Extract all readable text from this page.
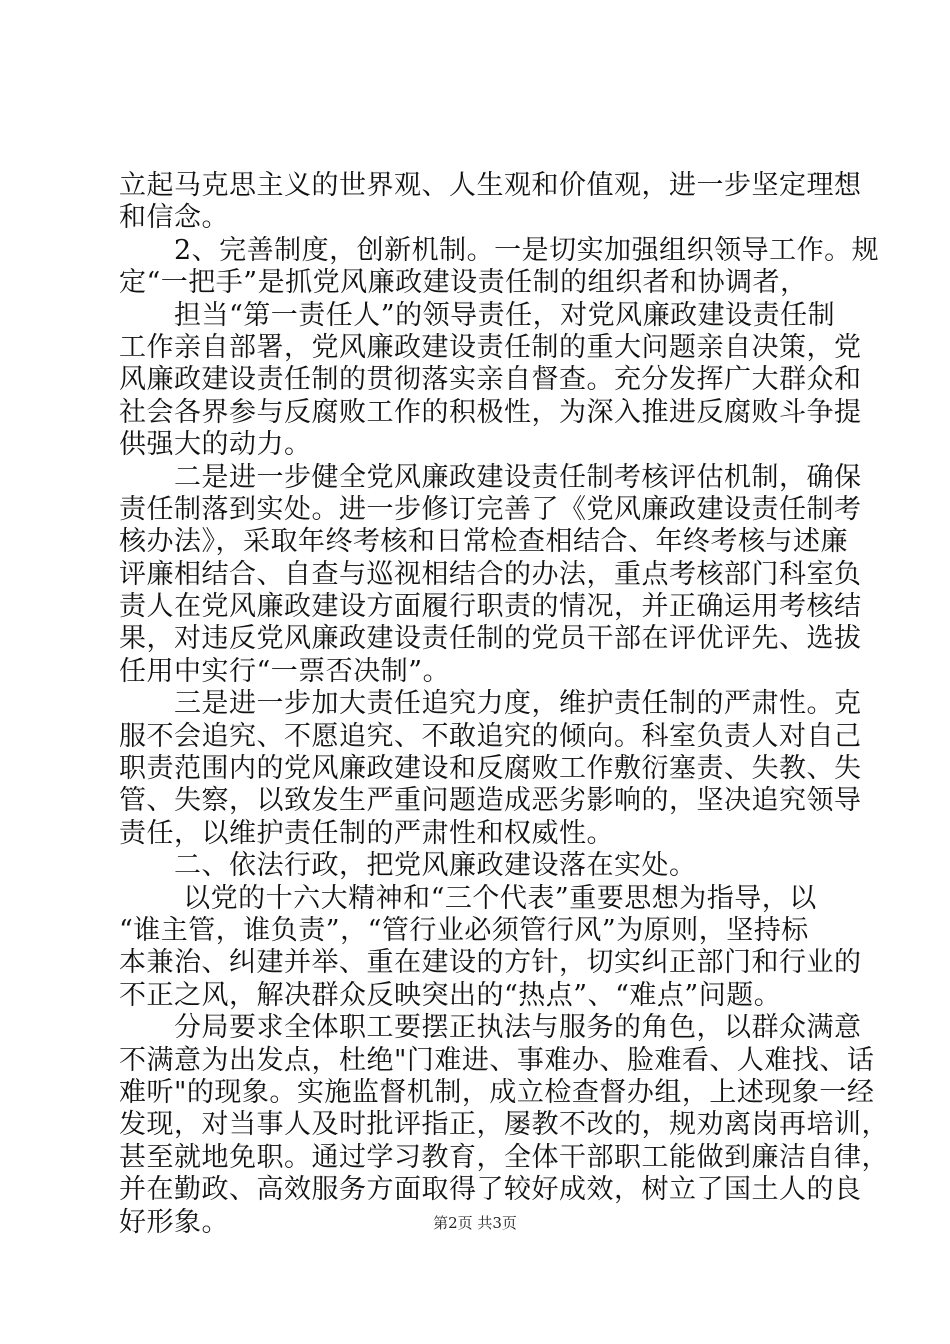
立起马克思主义的世界观、人生观和价值观，进一步坚定理想
和信念。
　　2、完善制度，创新机制。一是切实加强组织领导工作。规
定“一把手”是抓党风廉政建设责任制的组织者和协调者，
　　担当“第一责任人”的领导责任，对党风廉政建设责任制
工作亲自部署，党风廉政建设责任制的重大问题亲自决策，党
风廉政建设责任制的贯彻落实亲自督查。充分发挥广大群众和
社会各界参与反腐败工作的积极性，为深入推进反腐败斗争提
供强大的动力。
　　二是进一步健全党风廉政建设责任制考核评估机制，确保
责任制落到实处。进一步修订完善了《党风廉政建设责任制考
核办法》，采取年终考核和日常检查相结合、年终考核与述廉
评廉相结合、自查与巡视相结合的办法，重点考核部门科室负
责人在党风廉政建设方面履行职责的情况，并正确运用考核结
果，对违反党风廉政建设责任制的党员干部在评优评先、选拔
任用中实行“一票否决制”。
　　三是进一步加大责任追究力度，维护责任制的严肃性。克
服不会追究、不愿追究、不敢追究的倾向。科室负责人对自己
职责范围内的党风廉政建设和反腐败工作敷衍塞责、失教、失
管、失察，以致发生严重问题造成恶劣影响的，坚决追究领导
责任，以维护责任制的严肃性和权威性。
　　二、依法行政，把党风廉政建设落在实处。
　　 以党的十六大精神和“三个代表”重要思想为指导，以
“谁主管，谁负责”，“管行业必须管行风”为原则，坚持标
本兼治、纠建并举、重在建设的方针，切实纠正部门和行业的
不正之风，解决群众反映突出的“热点”、“难点”问题。
　　分局要求全体职工要摆正执法与服务的角色，以群众满意
不满意为出发点，杜绝"门难进、事难办、脸难看、人难找、话
难听"的现象。实施监督机制，成立检查督办组，上述现象一经
发现，对当事人及时批评指正，屡教不改的，规劝离岗再培训，
甚至就地免职。通过学习教育，全体干部职工能做到廉洁自律，
并在勤政、高效服务方面取得了较好成效，树立了国土人的良
好形象。	第2页 共3页
